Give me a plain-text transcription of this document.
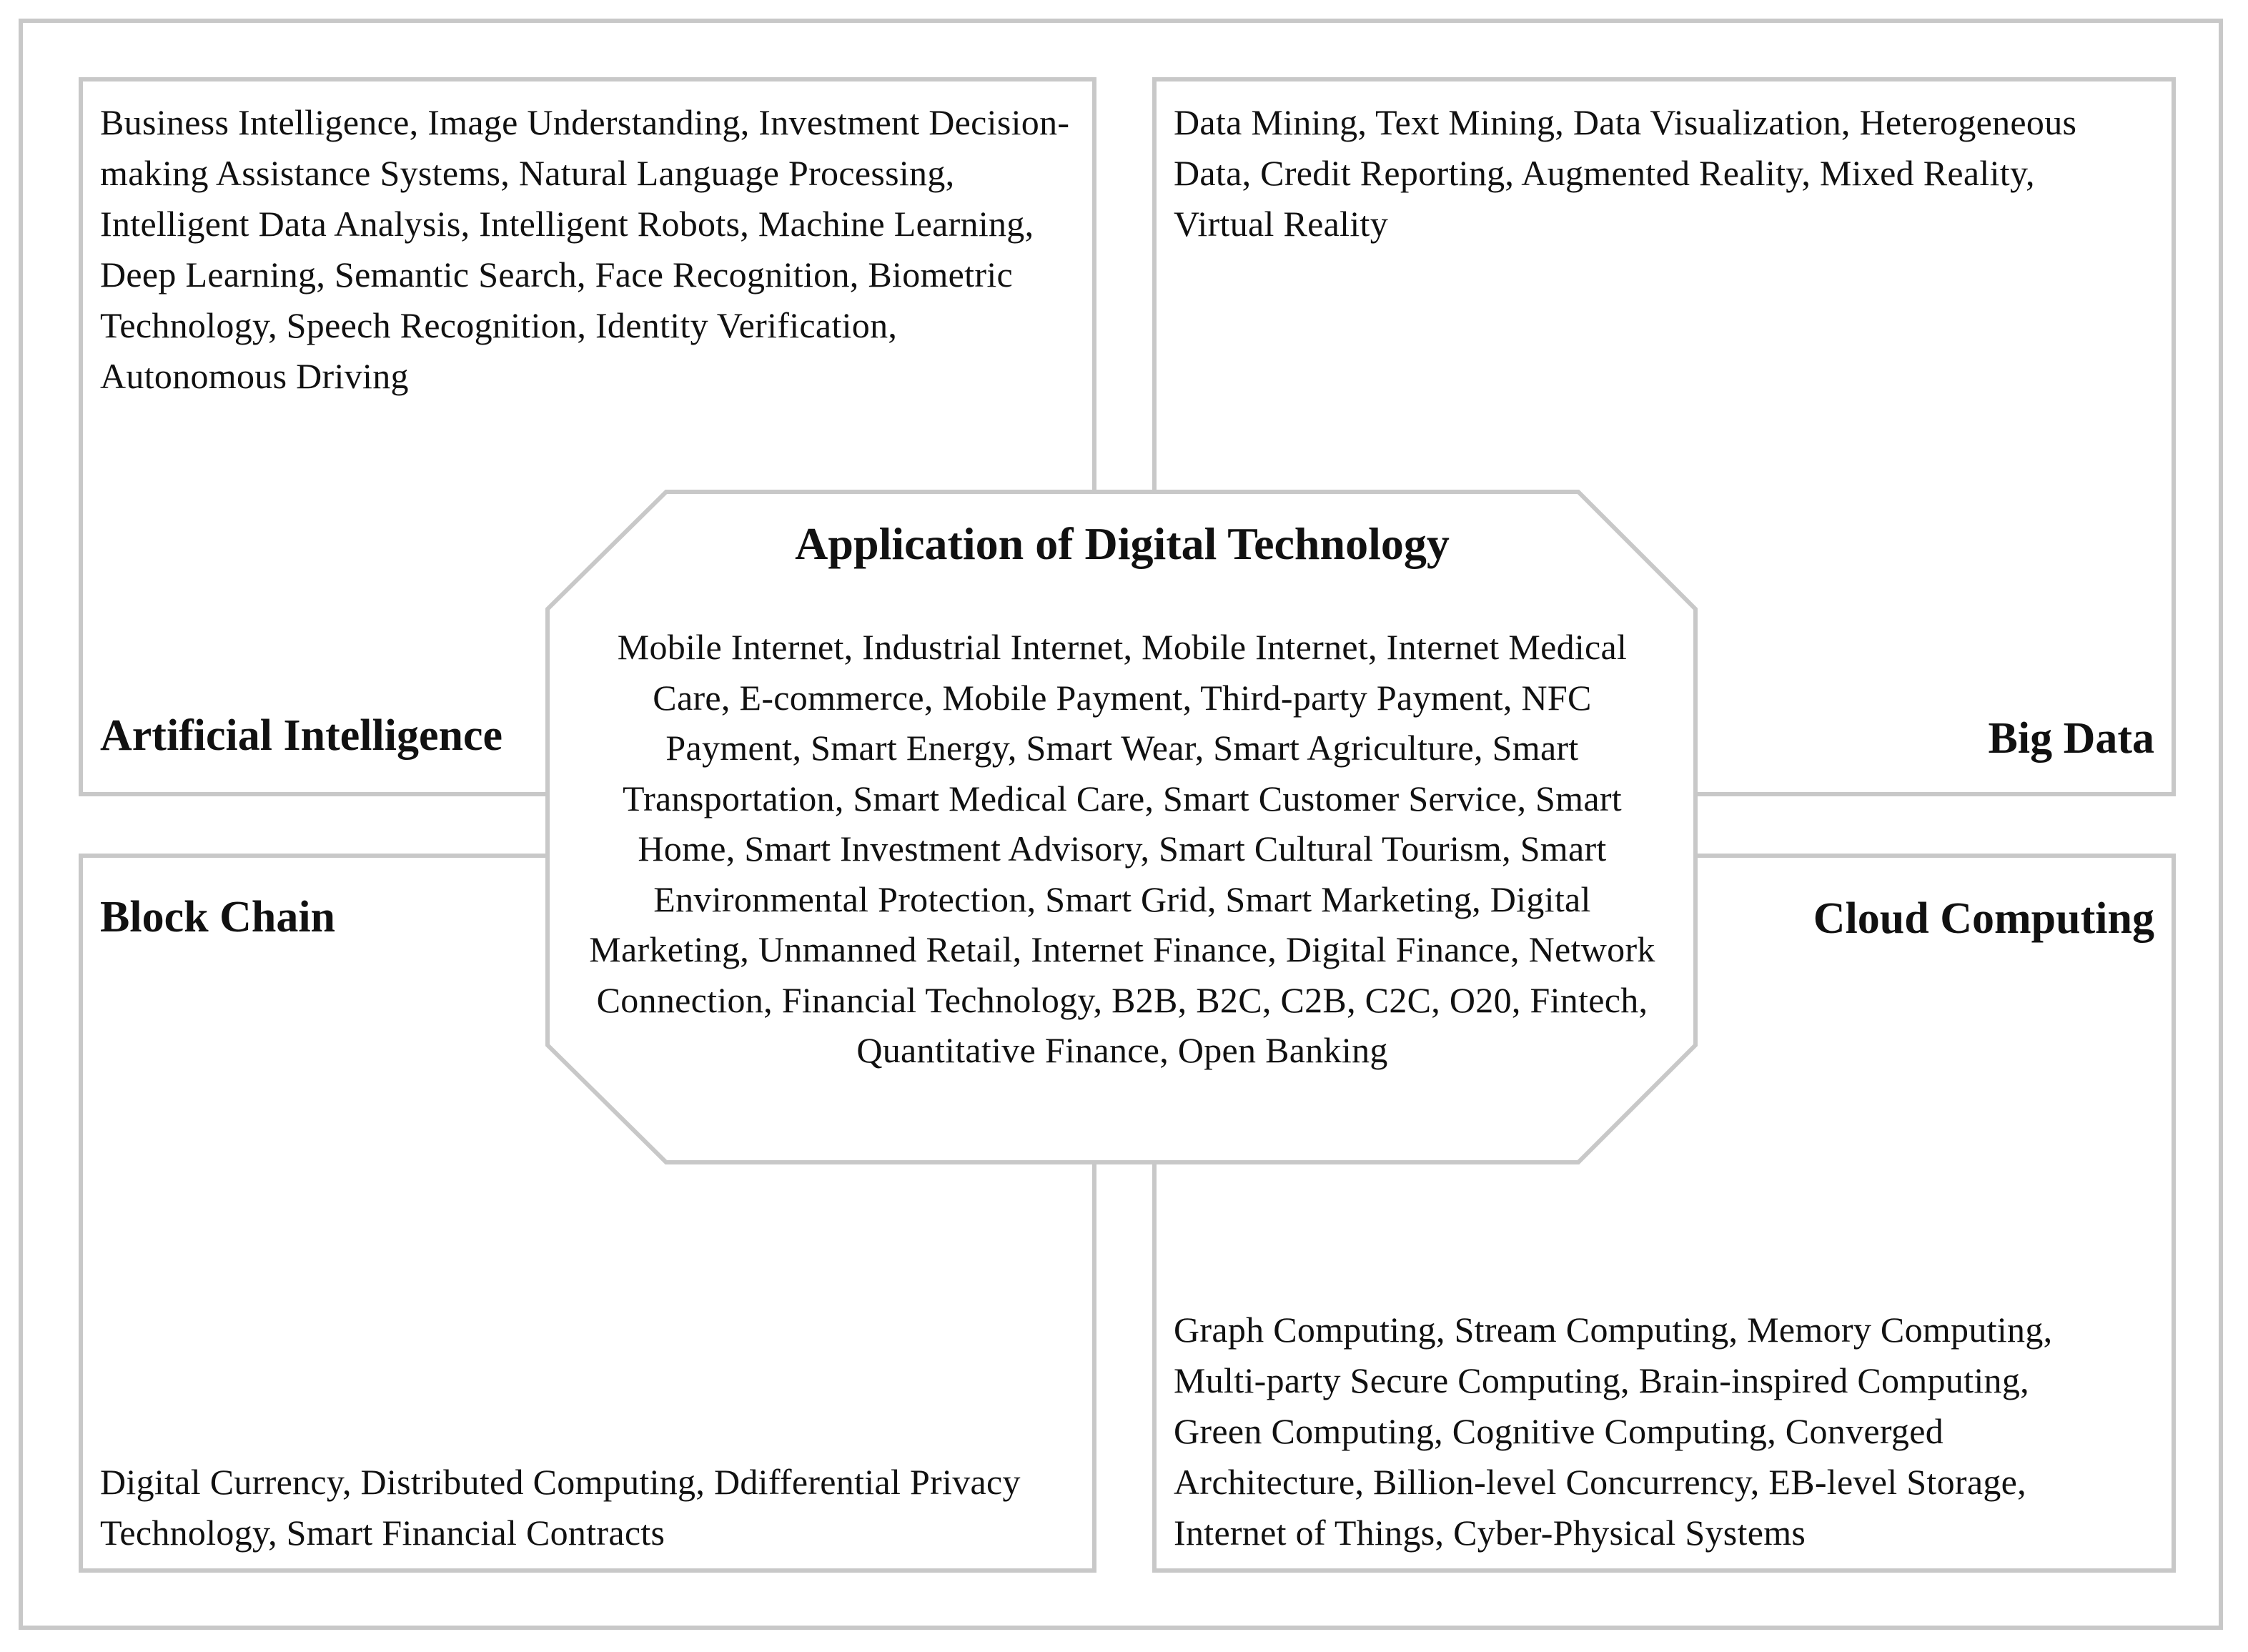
Business Intelligence, Image Understanding, Investment Decision-making Assistance Systems, Natural Language Processing, Intelligent Data Analysis, Intelligent Robots, Machine Learning, Deep Learning, Semantic Search, Face Recognition, Biometric Technology, Speech Recognition, Identity Verification, Autonomous Driving

Artificial Intelligence

Data Mining, Text Mining, Data Visualization, Heterogeneous Data, Credit Reporting, Augmented Reality, Mixed Reality, Virtual Reality

Big Data

Block Chain

Digital Currency, Distributed Computing, Ddifferential Privacy Technology, Smart Financial Contracts

Cloud Computing

Graph Computing, Stream Computing, Memory Computing, Multi-party Secure Computing, Brain-inspired Computing, Green Computing, Cognitive Computing, Converged Architecture, Billion-level Concurrency, EB-level Storage, Internet of Things, Cyber-Physical Systems

Application of Digital Technology

Mobile Internet, Industrial Internet, Mobile Internet, Internet Medical Care, E-commerce, Mobile Payment, Third-party Payment, NFC Payment, Smart Energy, Smart Wear, Smart Agriculture, Smart Transportation, Smart Medical Care, Smart Customer Service, Smart Home, Smart Investment Advisory, Smart Cultural Tourism, Smart Environmental Protection, Smart Grid, Smart Marketing, Digital Marketing, Unmanned Retail, Internet Finance, Digital Finance, Network Connection, Financial Technology, B2B, B2C, C2B, C2C, O20, Fintech, Quantitative Finance, Open Banking
